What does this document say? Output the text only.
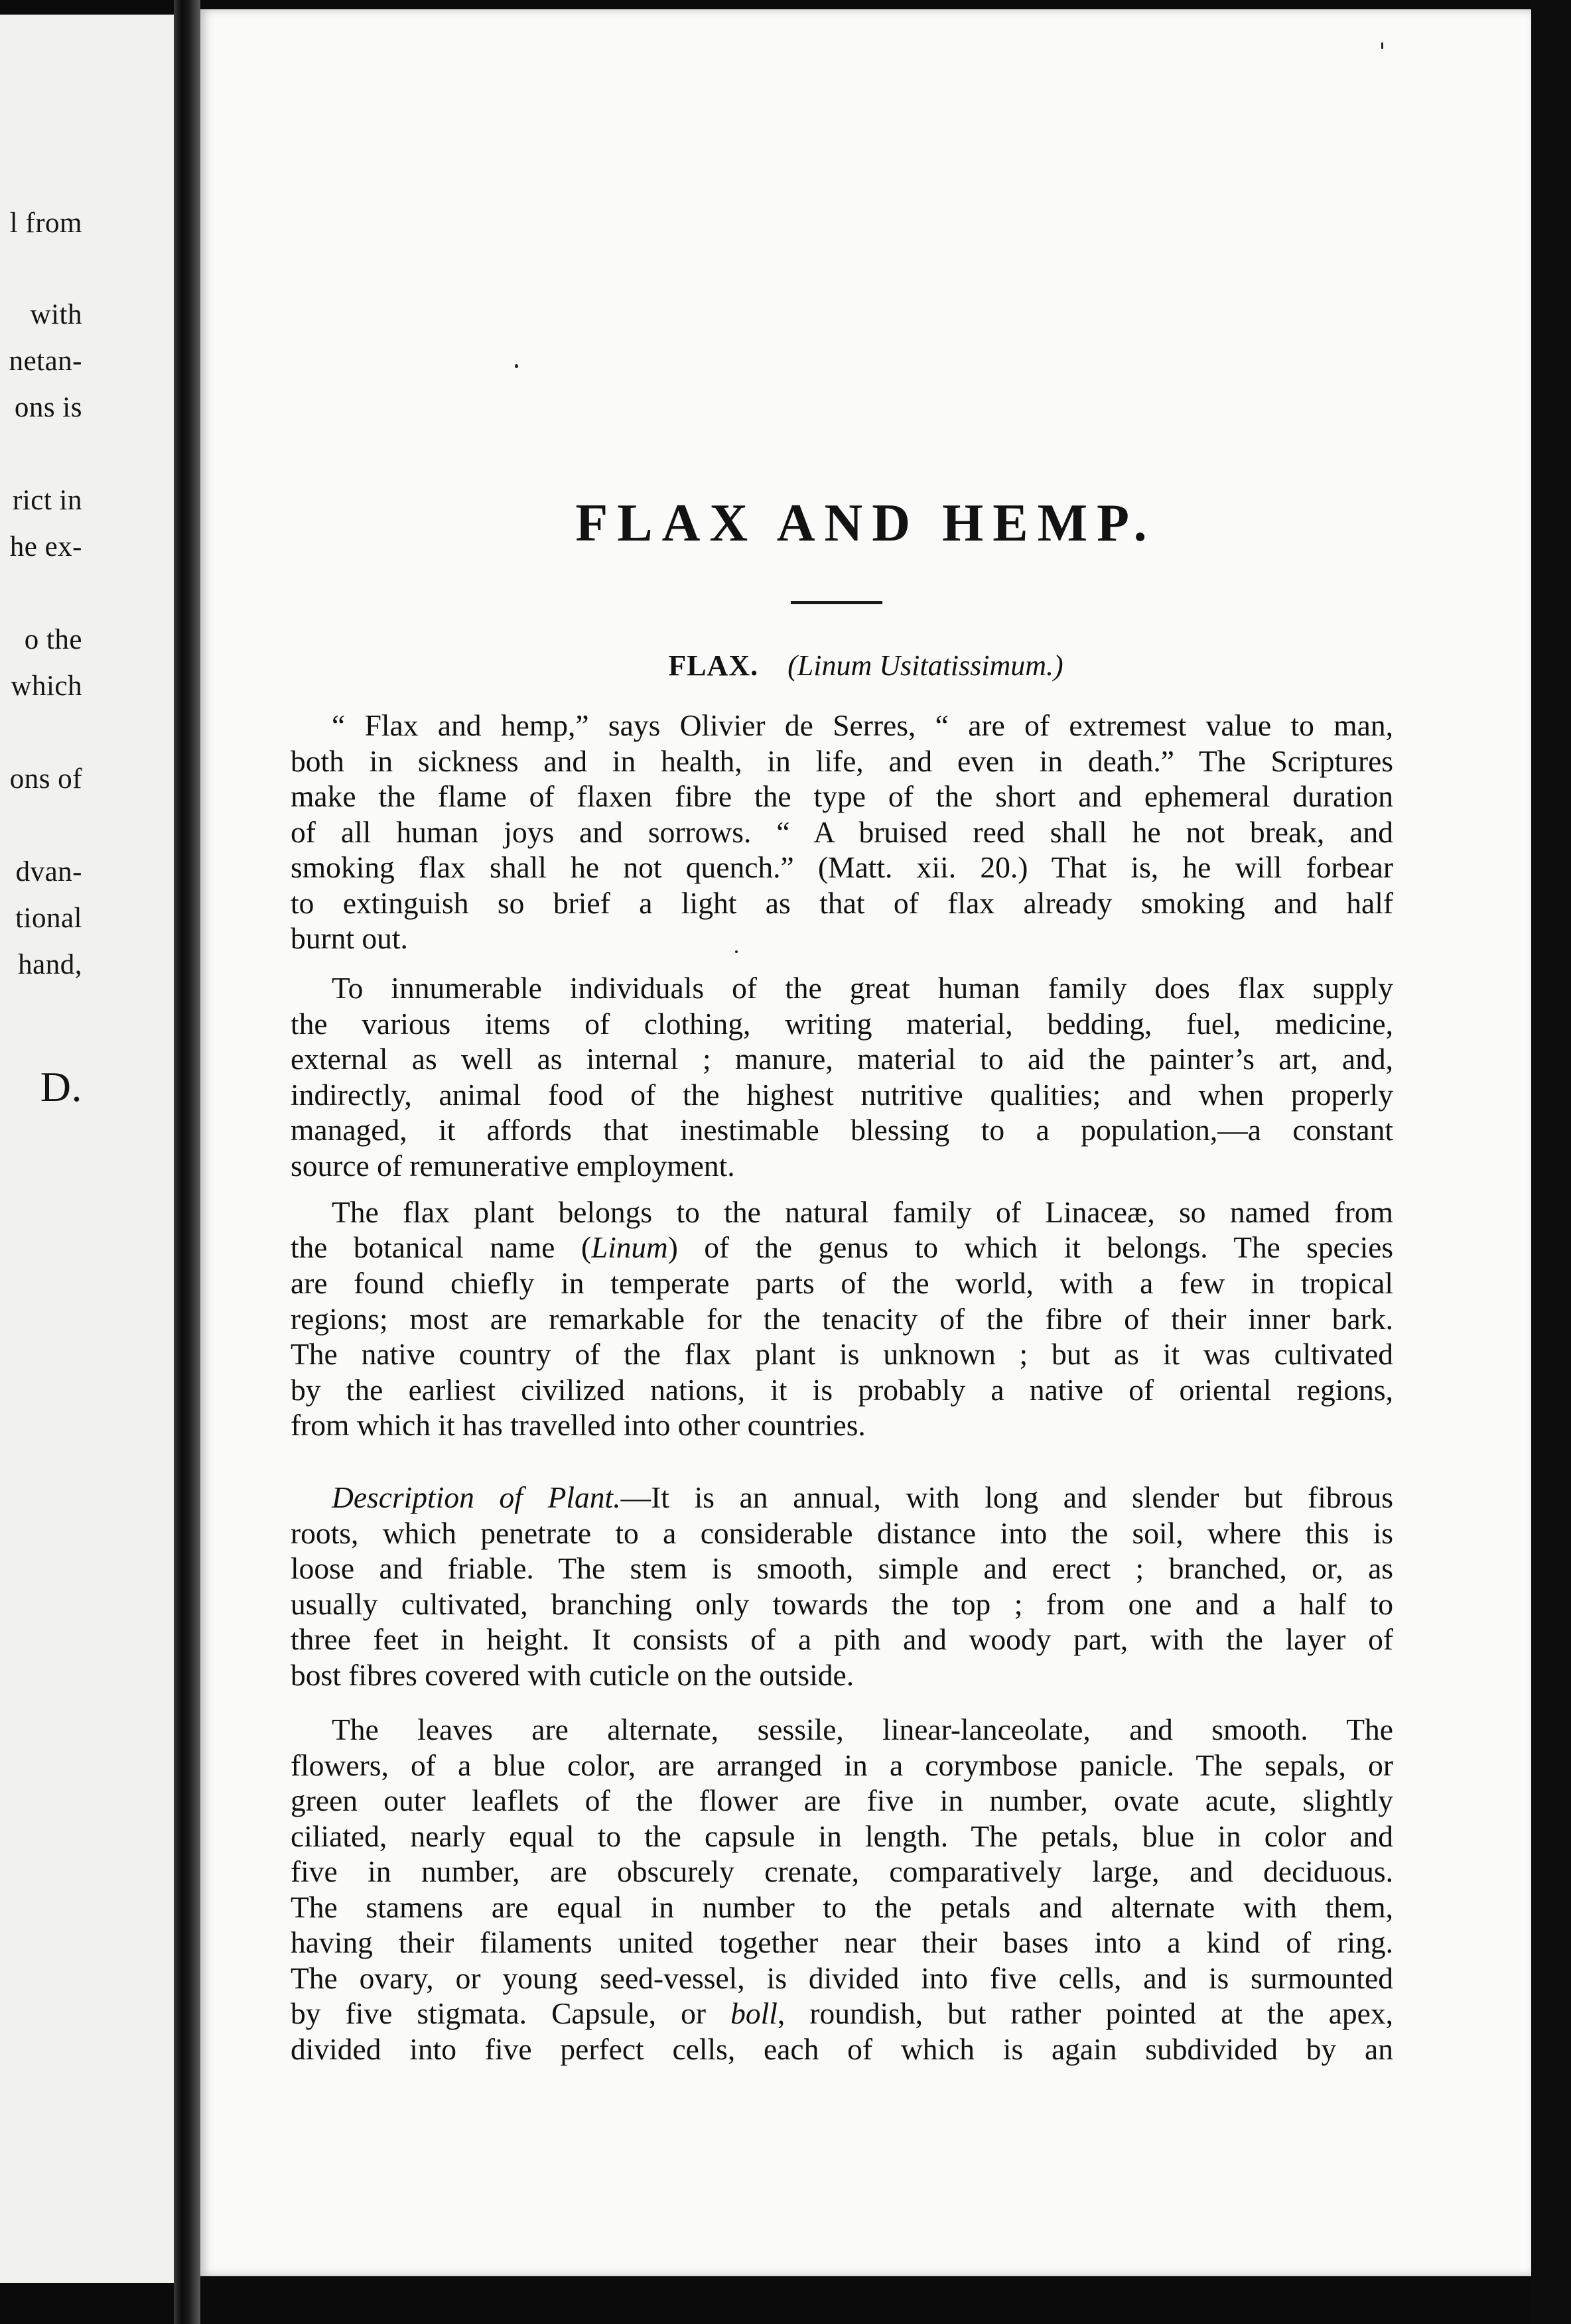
l from
with
netan-
ons is
rict in
he ex-
o the
which
ons of
dvan-
tional
hand,
D.
FLAX AND HEMP.
FLAX. (Linum Usitatissimum.)
“ Flax and hemp,” says Olivier de Serres, “ are of extremest value to man,
both in sickness and in health, in life, and even in death.” The Scriptures
make the flame of flaxen fibre the type of the short and ephemeral duration
of all human joys and sorrows. “ A bruised reed shall he not break, and
smoking flax shall he not quench.” (Matt. xii. 20.) That is, he will forbear
to extinguish so brief a light as that of flax already smoking and half
burnt out.
To innumerable individuals of the great human family does flax supply
the various items of clothing, writing material, bedding, fuel, medicine,
external as well as internal ; manure, material to aid the painter’s art, and,
indirectly, animal food of the highest nutritive qualities; and when properly
managed, it affords that inestimable blessing to a population,—a constant
source of remunerative employment.
The flax plant belongs to the natural family of Linaceæ, so named from
the botanical name (Linum) of the genus to which it belongs. The species
are found chiefly in temperate parts of the world, with a few in tropical
regions; most are remarkable for the tenacity of the fibre of their inner bark.
The native country of the flax plant is unknown ; but as it was cultivated
by the earliest civilized nations, it is probably a native of oriental regions,
from which it has travelled into other countries.
Description of Plant.—It is an annual, with long and slender but fibrous
roots, which penetrate to a considerable distance into the soil, where this is
loose and friable. The stem is smooth, simple and erect ; branched, or, as
usually cultivated, branching only towards the top ; from one and a half to
three feet in height. It consists of a pith and woody part, with the layer of
bost fibres covered with cuticle on the outside.
The leaves are alternate, sessile, linear-lanceolate, and smooth. The
flowers, of a blue color, are arranged in a corymbose panicle. The sepals, or
green outer leaflets of the flower are five in number, ovate acute, slightly
ciliated, nearly equal to the capsule in length. The petals, blue in color and
five in number, are obscurely crenate, comparatively large, and deciduous.
The stamens are equal in number to the petals and alternate with them,
having their filaments united together near their bases into a kind of ring.
The ovary, or young seed-vessel, is divided into five cells, and is surmounted
by five stigmata. Capsule, or boll, roundish, but rather pointed at the apex,
divided into five perfect cells, each of which is again subdivided by an
